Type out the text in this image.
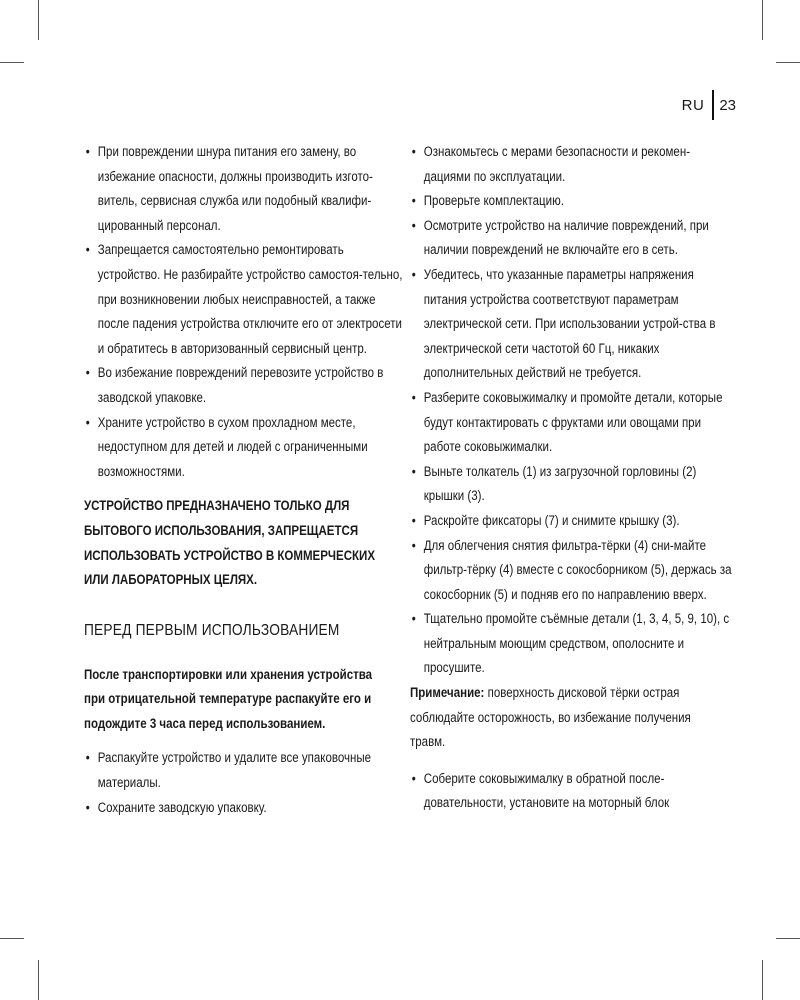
RU 23
• При повреждении шнура питания его замену, во избежание опасности, должны производить изгото-витель, сервисная служба или подобный квалифи-цированный персонал.
• Запрещается самостоятельно ремонтировать устройство. Не разбирайте устройство самостоя-тельно, при возникновении любых неисправностей, а также после падения устройства отключите его от электросети и обратитесь в авторизованный сервисный центр.
• Во избежание повреждений перевозите устройство в заводской упаковке.
• Храните устройство в сухом прохладном месте, недоступном для детей и людей с ограниченными возможностями.
УСТРОЙСТВО ПРЕДНАЗНАЧЕНО ТОЛЬКО ДЛЯ БЫТОВОГО ИСПОЛЬЗОВАНИЯ, ЗАПРЕЩАЕТСЯ ИСПОЛЬЗОВАТЬ УСТРОЙСТВО В КОММЕРЧЕСКИХ ИЛИ ЛАБОРАТОРНЫХ ЦЕЛЯХ.
ПЕРЕД ПЕРВЫМ ИСПОЛЬЗОВАНИЕМ
После транспортировки или хранения устройства при отрицательной температуре распакуйте его и подождите 3 часа перед использованием.
• Распакуйте устройство и удалите все упаковочные материалы.
• Сохраните заводскую упаковку.
• Ознакомьтесь с мерами безопасности и рекомен-дациями по эксплуатации.
• Проверьте комплектацию.
• Осмотрите устройство на наличие повреждений, при наличии повреждений не включайте его в сеть.
• Убедитесь, что указанные параметры напряжения питания устройства соответствуют параметрам электрической сети. При использовании устрой-ства в электрической сети частотой 60 Гц, никаких дополнительных действий не требуется.
• Разберите соковыжималку и промойте детали, которые будут контактировать с фруктами или овощами при работе соковыжималки.
• Выньте толкатель (1) из загрузочной горловины (2) крышки (3).
• Раскройте фиксаторы (7) и снимите крышку (3).
• Для облегчения снятия фильтра-тёрки (4) сни-майте фильтр-тёрку (4) вместе с сокосборником (5), держась за сокосборник (5) и подняв его по направлению вверх.
• Тщательно промойте съёмные детали (1, 3, 4, 5, 9, 10), с нейтральным моющим средством, ополосните и просушите.

Примечание: поверхность дисковой тёрки острая соблюдайте осторожность, во избежание получения травм.

• Соберите соковыжималку в обратной после-довательности, установите на моторный блок
